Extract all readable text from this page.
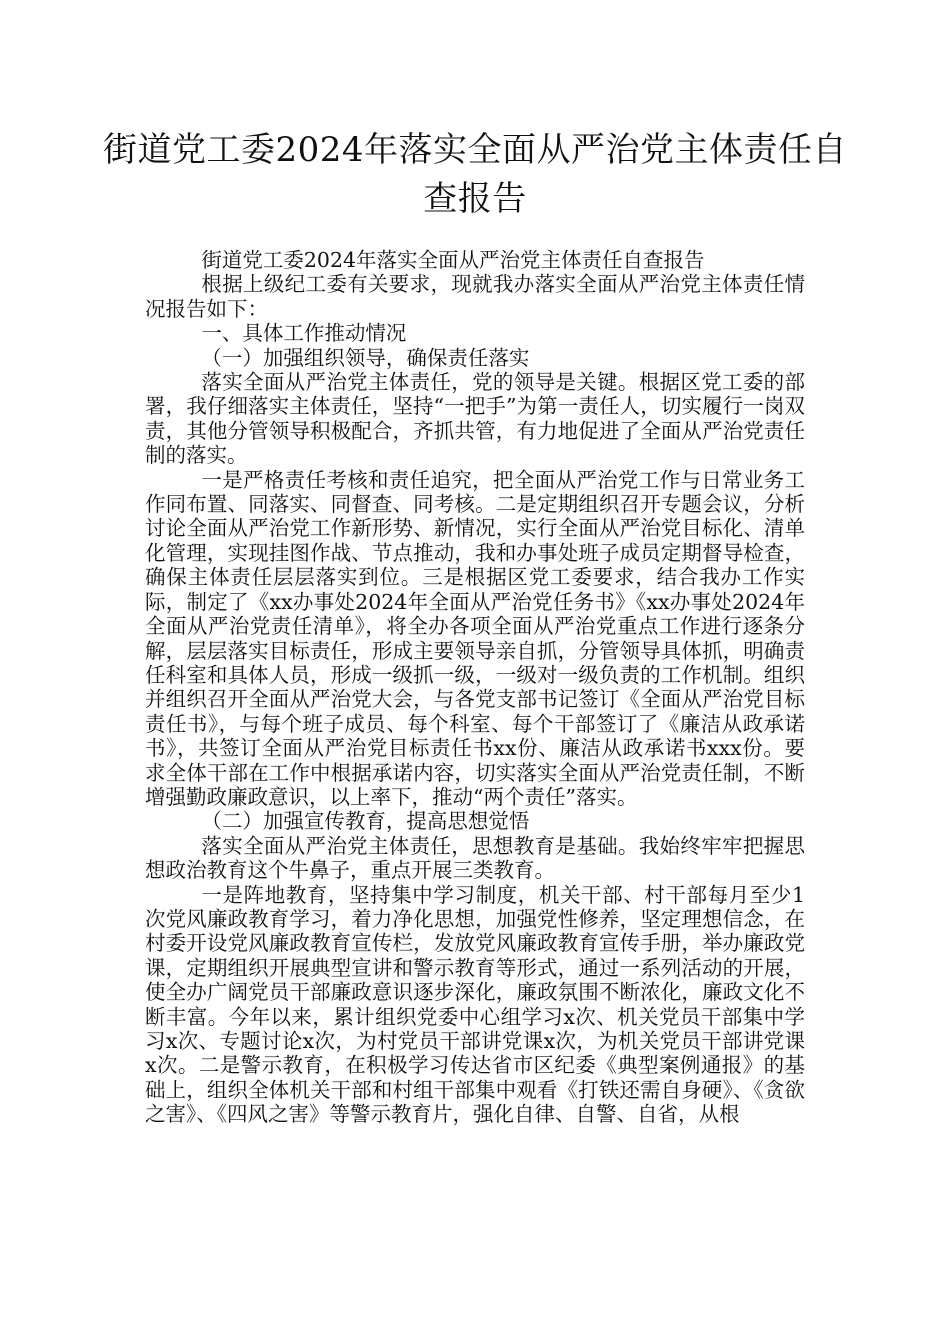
街道党工委2024年落实全面从严治党主体责任自查报告

街道党工委2024年落实全面从严治党主体责任自查报告

根据上级纪工委有关要求，现就我办落实全面从严治党主体责任情况报告如下：

一、具体工作推动情况

（一）加强组织领导，确保责任落实

落实全面从严治党主体责任，党的领导是关键。根据区党工委的部署，我仔细落实主体责任，坚持“一把手”为第一责任人，切实履行一岗双责，其他分管领导积极配合，齐抓共管，有力地促进了全面从严治党责任制的落实。

一是严格责任考核和责任追究，把全面从严治党工作与日常业务工作同布置、同落实、同督查、同考核。二是定期组织召开专题会议，分析讨论全面从严治党工作新形势、新情况，实行全面从严治党目标化、清单化管理，实现挂图作战、节点推动，我和办事处班子成员定期督导检查，确保主体责任层层落实到位。三是根据区党工委要求，结合我办工作实际，制定了《xx办事处2024年全面从严治党任务书》《xx办事处2024年全面从严治党责任清单》，将全办各项全面从严治党重点工作进行逐条分解，层层落实目标责任，形成主要领导亲自抓，分管领导具体抓，明确责任科室和具体人员，形成一级抓一级，一级对一级负责的工作机制。组织并组织召开全面从严治党大会，与各党支部书记签订《全面从严治党目标责任书》，与每个班子成员、每个科室、每个干部签订了《廉洁从政承诺书》，共签订全面从严治党目标责任书xx份、廉洁从政承诺书xxx份。要求全体干部在工作中根据承诺内容，切实落实全面从严治党责任制，不断增强勤政廉政意识，以上率下，推动“两个责任”落实。

（二）加强宣传教育，提高思想觉悟

落实全面从严治党主体责任，思想教育是基础。我始终牢牢把握思想政治教育这个牛鼻子，重点开展三类教育。

一是阵地教育，坚持集中学习制度，机关干部、村干部每月至少1次党风廉政教育学习，着力净化思想，加强党性修养，坚定理想信念，在村委开设党风廉政教育宣传栏，发放党风廉政教育宣传手册，举办廉政党课，定期组织开展典型宣讲和警示教育等形式，通过一系列活动的开展，使全办广阔党员干部廉政意识逐步深化，廉政氛围不断浓化，廉政文化不断丰富。今年以来，累计组织党委中心组学习x次、机关党员干部集中学习x次、专题讨论x次，为村党员干部讲党课x次，为机关党员干部讲党课x次。二是警示教育，在积极学习传达省市区纪委《典型案例通报》的基础上，组织全体机关干部和村组干部集中观看《打铁还需自身硬》、《贪欲之害》、《四风之害》等警示教育片，强化自律、自警、自省，从根
